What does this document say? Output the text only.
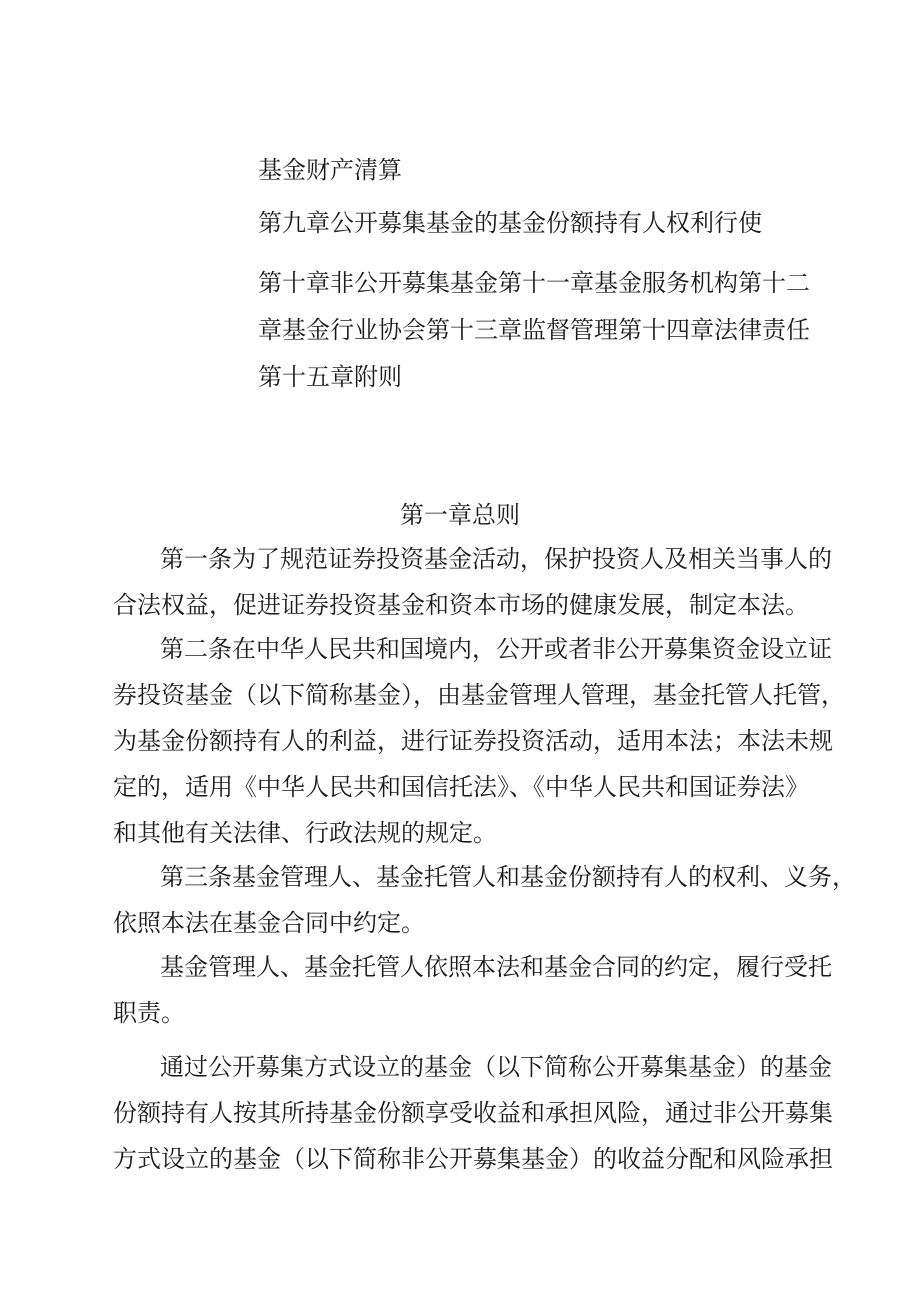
基金财产清算
第九章公开募集基金的基金份额持有人权利行使
第十章非公开募集基金第十一章基金服务机构第十二
章基金行业协会第十三章监督管理第十四章法律责任
第十五章附则
第一章总则
第一条为了规范证券投资基金活动，保护投资人及相关当事人的
合法权益，促进证券投资基金和资本市场的健康发展，制定本法。
第二条在中华人民共和国境内，公开或者非公开募集资金设立证
券投资基金（以下简称基金），由基金管理人管理，基金托管人托管，
为基金份额持有人的利益，进行证券投资活动，适用本法；本法未规
定的，适用《中华人民共和国信托法》、《中华人民共和国证券法》
和其他有关法律、行政法规的规定。
第三条基金管理人、基金托管人和基金份额持有人的权利、义务，
依照本法在基金合同中约定。
基金管理人、基金托管人依照本法和基金合同的约定，履行受托
职责。
通过公开募集方式设立的基金（以下简称公开募集基金）的基金
份额持有人按其所持基金份额享受收益和承担风险，通过非公开募集
方式设立的基金（以下简称非公开募集基金）的收益分配和风险承担
